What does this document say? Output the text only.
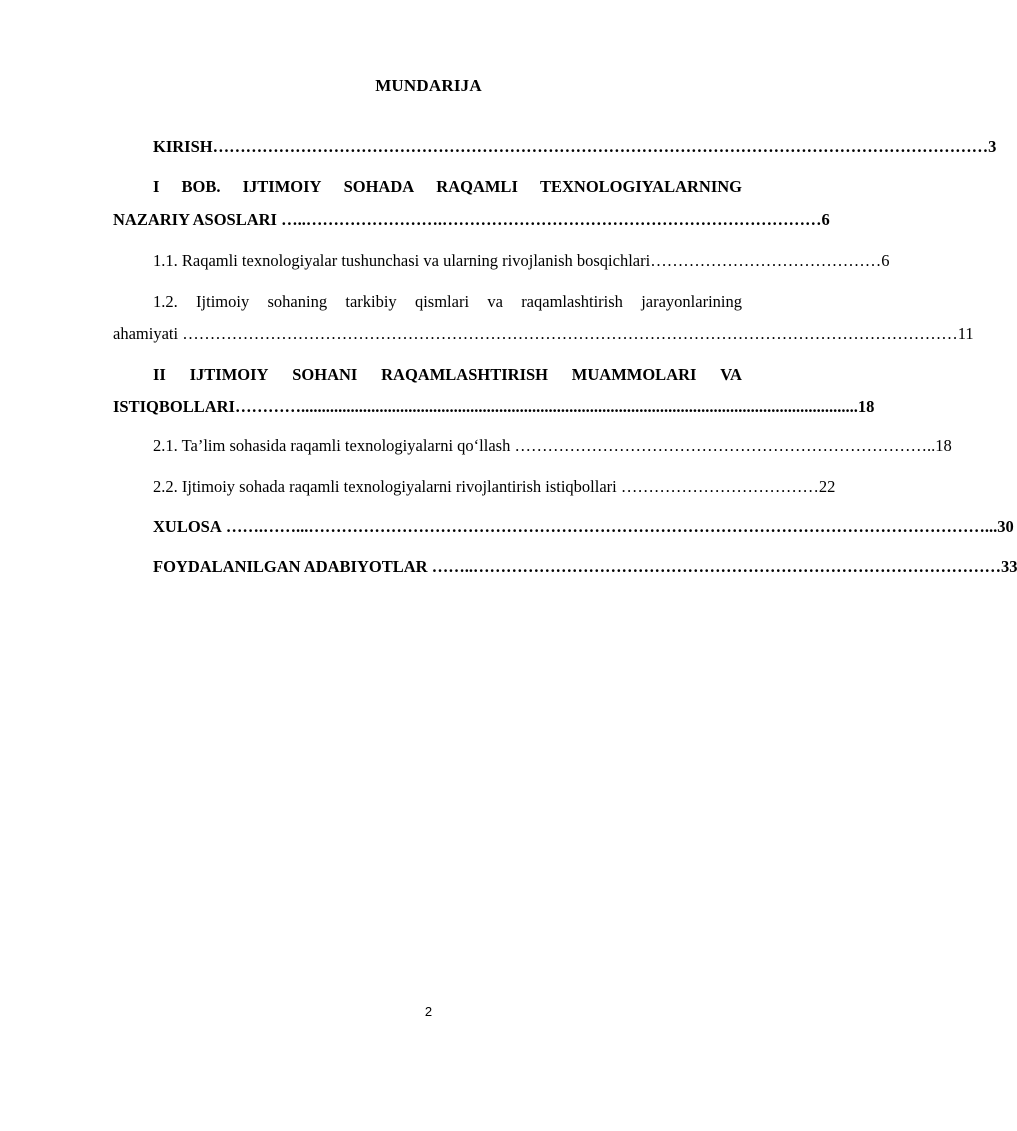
MUNDARIJA
KIRISH …………………………………………………………………………………………………………………………… 3
I BOB. IJTIMOIY SOHADA RAQAMLI TEXNOLOGIYALARNING
NAZARIY ASOSLARI …..…………………….…………………………………………………………… 6
1.1. Raqamli texnologiyalar tushunchasi va ularning rivojlanish bosqichlari …………………………………… 6
1.2. Ijtimoiy sohaning tarkibiy qismlari va raqamlashtirish jarayonlarining
ahamiyati …………………………………………………………………………………………………………………………… 11
II IJTIMOIY SOHANI RAQAMLASHTIRISH MUAMMOLARI VA
ISTIQBOLLARI …………....................................................................................................................................... 18
2.1. Ta’lim sohasida raqamli texnologiyalarni qo‘llash ………………………………………………………………….. 18
2.2. Ijtimoiy sohada raqamli texnologiyalarni rivojlantirish istiqbollari ……………………………… 22
XULOSA …….……...……………………………………………………………………………………………………………... 30
FOYDALANILGAN ADABIYOTLAR ……..…………………………………………………………………………………… 33
2
